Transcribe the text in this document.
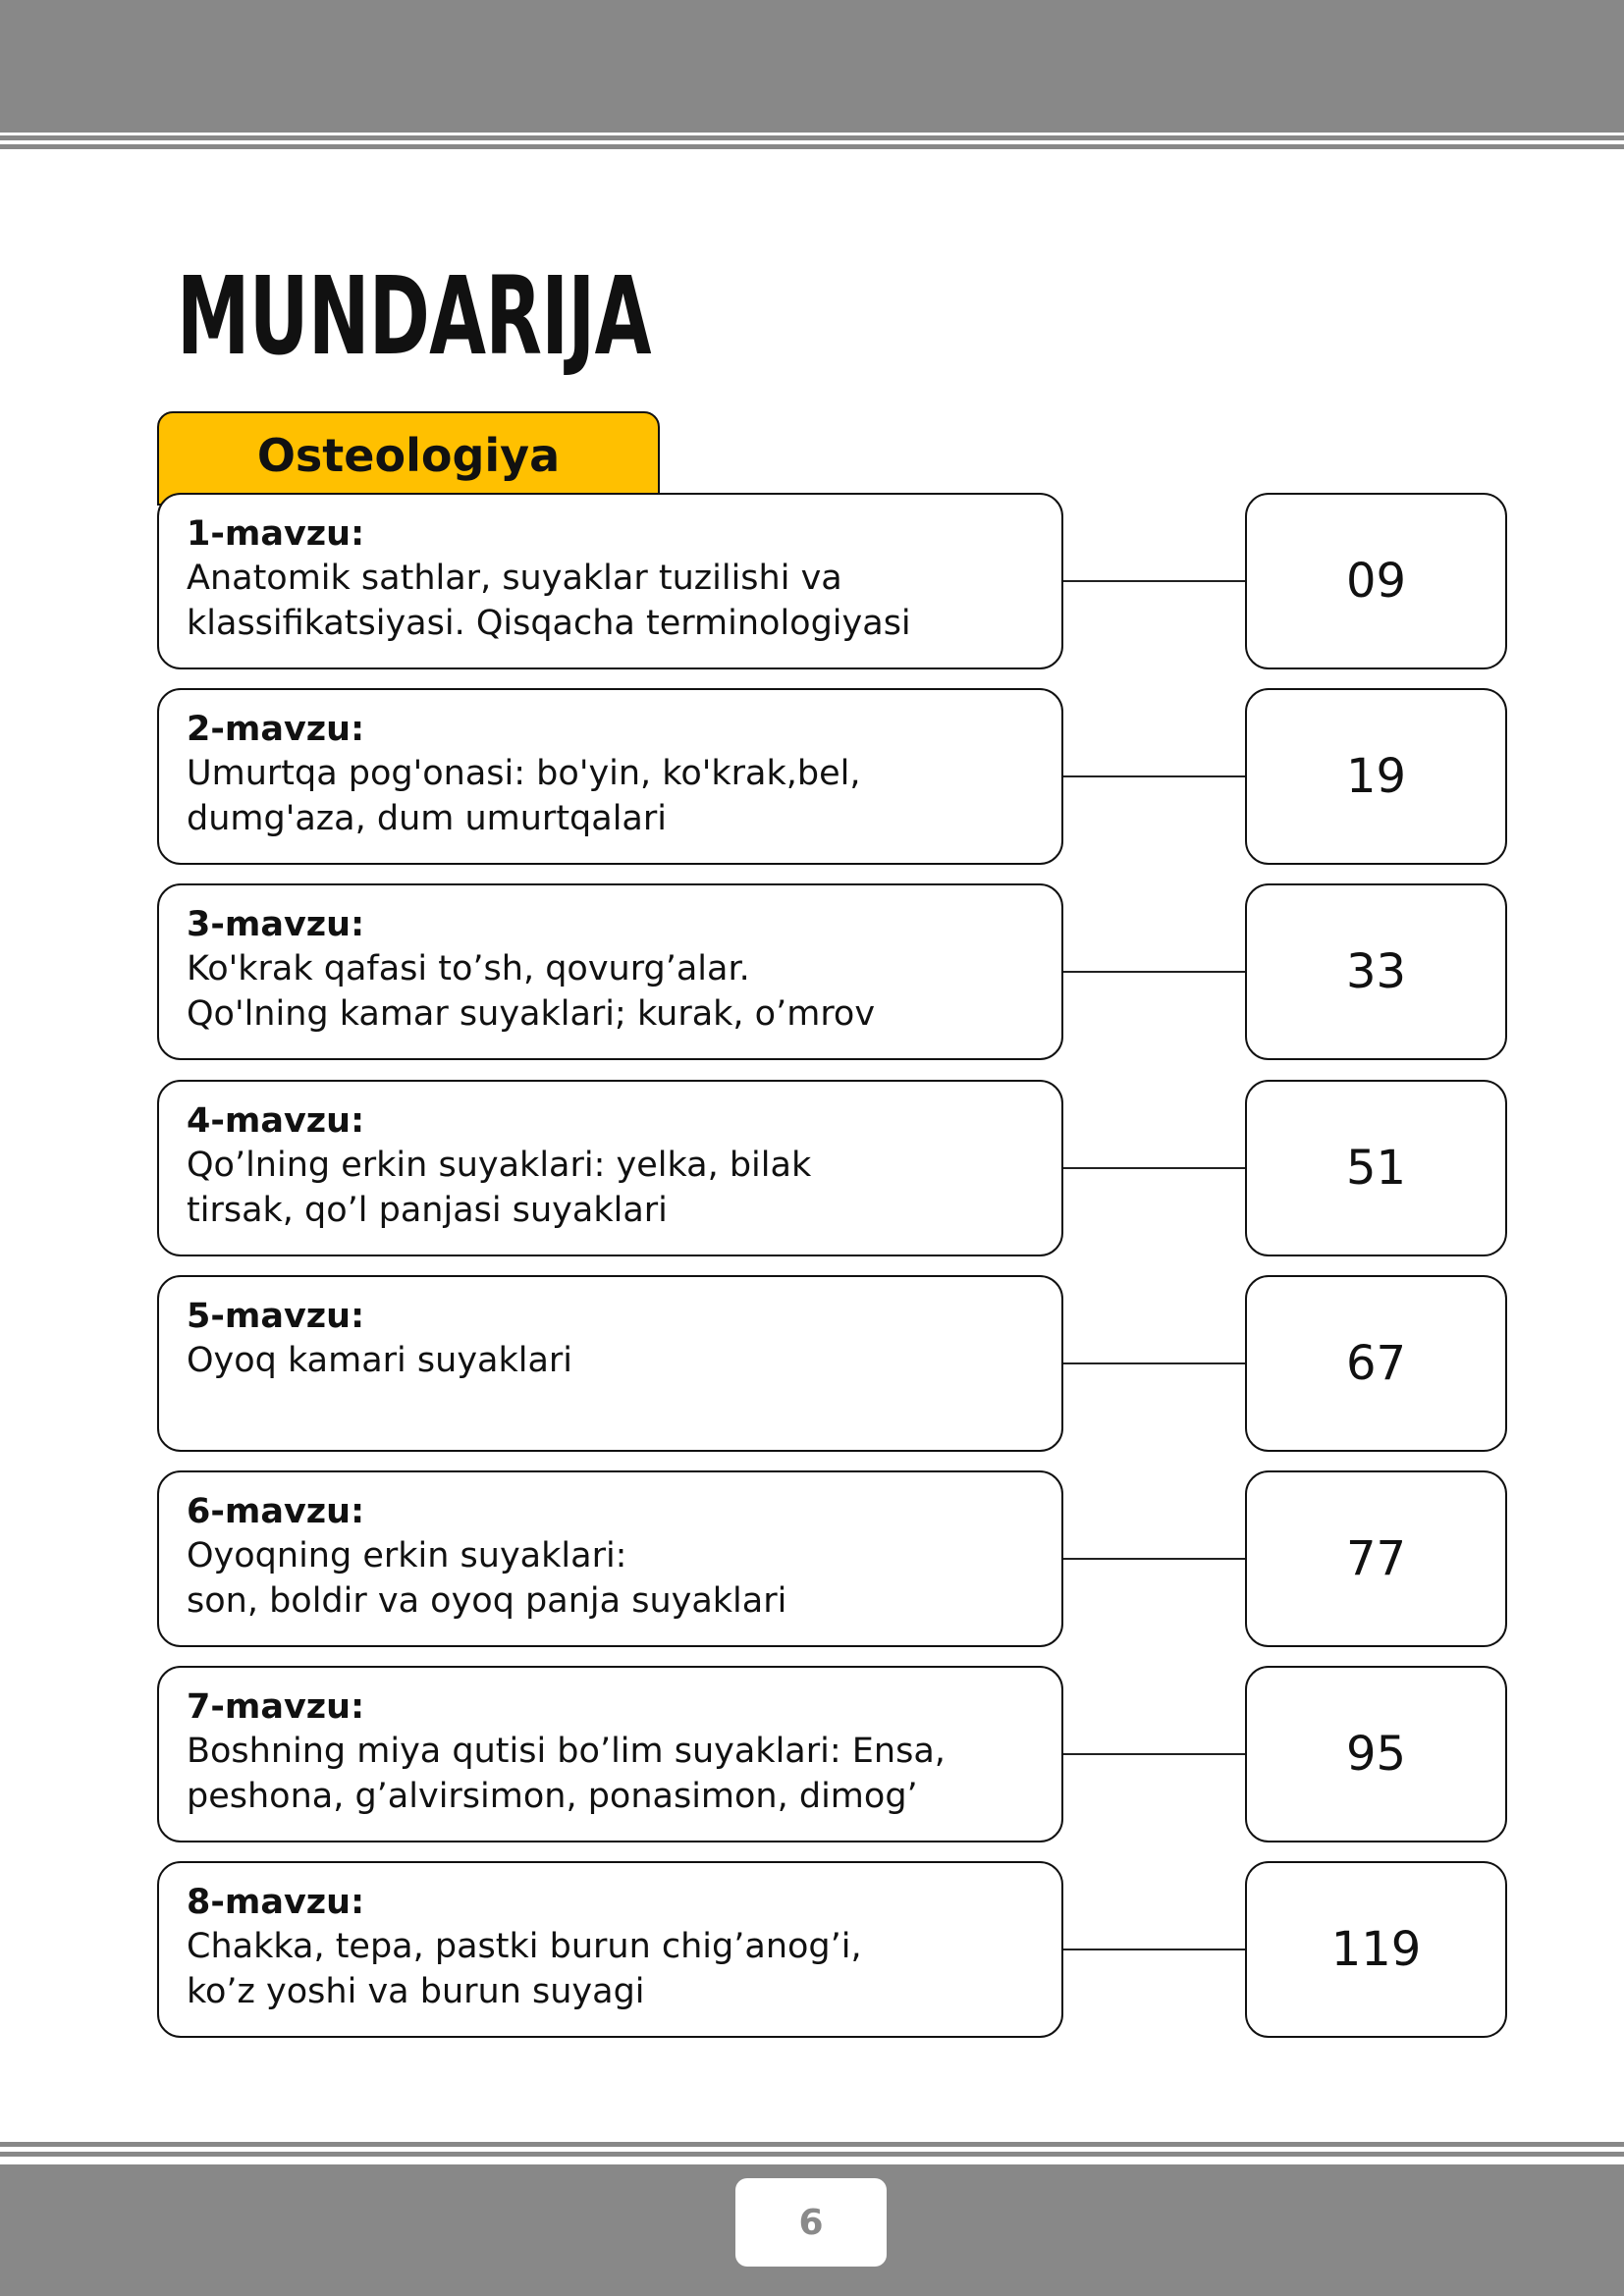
MUNDARIJA
Osteologiya
1-mavzu:
Anatomik sathlar, suyaklar tuzilishi va
klassifikatsiyasi. Qisqacha terminologiyasi
09
2-mavzu:
Umurtqa pog'onasi: bo'yin, ko'krak,bel,
dumg'aza, dum umurtqalari
19
3-mavzu:
Ko'krak qafasi to’sh, qovurg’alar.
Qo'lning kamar suyaklari; kurak, o’mrov
33
4-mavzu:
Qo’lning erkin suyaklari: yelka, bilak
tirsak, qo’l panjasi suyaklari
51
5-mavzu:
Oyoq kamari suyaklari	67
6-mavzu:
Oyoqning erkin suyaklari:
son, boldir va oyoq panja suyaklari
77
7-mavzu:
Boshning miya qutisi bo’lim suyaklari: Ensa,
peshona, g’alvirsimon, ponasimon, dimog’
95
8-mavzu:
Chakka, tepa, pastki burun chig’anog’i,
ko’z yoshi va burun suyagi
119
6
